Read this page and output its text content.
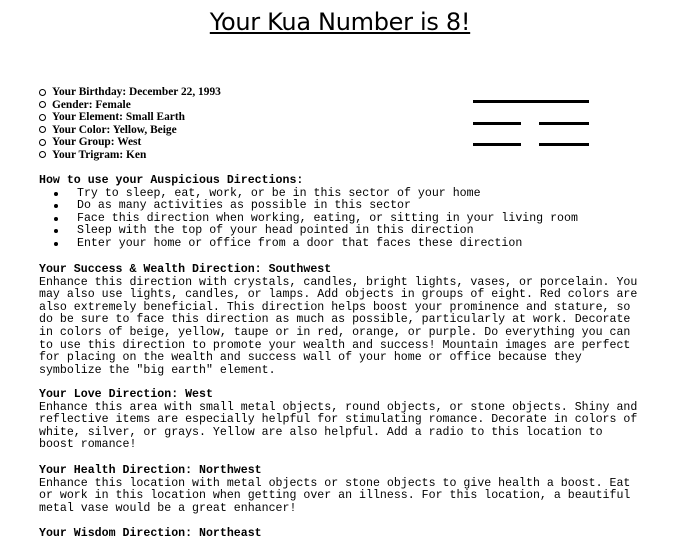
Your Kua Number is 8!
Your Birthday: December 22, 1993
Gender: Female
Your Element: Small Earth
Your Color: Yellow, Beige
Your Group: West
Your Trigram: Ken
How to use your Auspicious Directions:
Try to sleep, eat, work, or be in this sector of your home
Do as many activities as possible in this sector
Face this direction when working, eating, or sitting in your living room
Sleep with the top of your head pointed in this direction
Enter your home or office from a door that faces these direction
Your Success & Wealth Direction: Southwest

Enhance this direction with crystals, candles, bright lights, vases, or porcelain. You

may also use lights, candles, or lamps. Add objects in groups of eight. Red colors are

also extremely beneficial. This direction helps boost your prominence and stature, so

do be sure to face this direction as much as possible, particularly at work. Decorate

in colors of beige, yellow, taupe or in red, orange, or purple. Do everything you can

to use this direction to promote your wealth and success! Mountain images are perfect

for placing on the wealth and success wall of your home or office because they

symbolize the "big earth" element.

Your Love Direction: West

Enhance this area with small metal objects, round objects, or stone objects. Shiny and

reflective items are especially helpful for stimulating romance. Decorate in colors of

white, silver, or grays. Yellow are also helpful. Add a radio to this location to

boost romance!

Your Health Direction: Northwest

Enhance this location with metal objects or stone objects to give health a boost. Eat

or work in this location when getting over an illness. For this location, a beautiful

metal vase would be a great enhancer!

Your Wisdom Direction: Northeast
